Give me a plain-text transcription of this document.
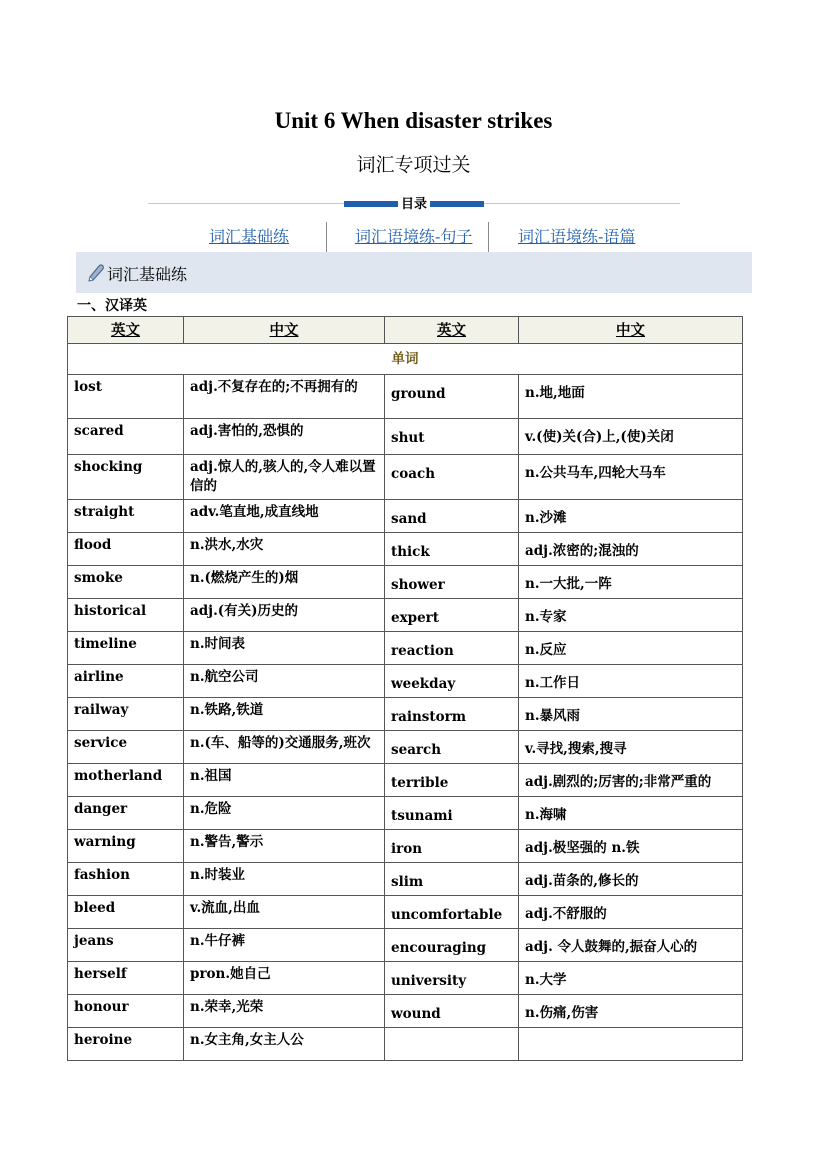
Unit 6 When disaster strikes
词汇专项过关
目录
词汇基础练	词汇语境练-句子	词汇语境练-语篇
词汇基础练
一、汉译英
英文	中文	英文	中文
单词			
lost	adj.不复存在的;不再拥有的	ground	n.地,地面
scared	adj.害怕的,恐惧的	shut	v.(使)关(合)上,(使)关闭
shocking	adj.惊人的,骇人的,令人难以置信的	coach	n.公共马车,四轮大马车
straight	adv.笔直地,成直线地	sand	n.沙滩
flood	n.洪水,水灾	thick	adj.浓密的;混浊的
smoke	n.(燃烧产生的)烟	shower	n.一大批,一阵
historical	adj.(有关)历史的	expert	n.专家
timeline	n.时间表	reaction	n.反应
airline	n.航空公司	weekday	n.工作日
railway	n.铁路,铁道	rainstorm	n.暴风雨
service	n.(车、船等的)交通服务,班次	search	v.寻找,搜索,搜寻
motherland	n.祖国	terrible	adj.剧烈的;厉害的;非常严重的
danger	n.危险	tsunami	n.海啸
warning	n.警告,警示	iron	adj.极坚强的 n.铁
fashion	n.时装业	slim	adj.苗条的,修长的
bleed	v.流血,出血	uncomfortable	adj.不舒服的
jeans	n.牛仔裤	encouraging	adj. 令人鼓舞的,振奋人心的
herself	pron.她自己	university	n.大学
honour	n.荣幸,光荣	wound	n.伤痛,伤害
heroine	n.女主角,女主人公		
